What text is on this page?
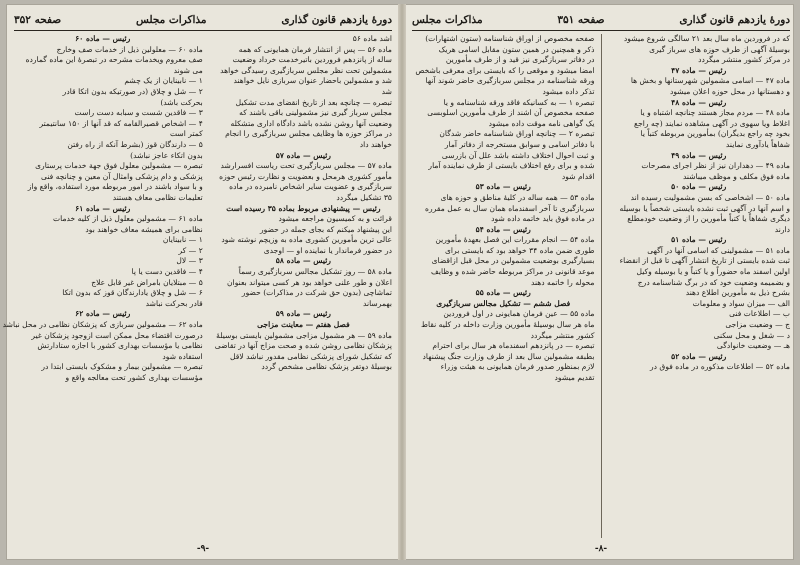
دورهٔ یازدهم قانون گذاری
مذاکرات مجلس
صفحه ۳۵۲
اشد ماده ۵۶
ماده ۵۶ — پس از انتشار فرمان همایونی که همه
ساله از پانزدهم فروردین باتیرخدمت خرداد وضعیت
مشمولین تحت نظر مجلس سربازگیری رسیدگی خواهد
شد و مشمولین باحضار عنوان سربازی نایل خواهند
شد
تبصره — چنانچه بعد از تاریخ انقضای مدت تشکیل
مجلس سرباز گیری نیز مشمولینی باقی باشند که
وضعیت آنها روشن نشده باشد دادگاه اداری متشکله
در مراکز حوزه ها وظایف مجلس سربازگیری را انجام
خواهند داد
رئیس — ماده ۵۷
ماده ۵۷ — مجلس سربازگیری تحت ریاست افسرارشد
مأمور کشوری هرمحل و بعضویت و نظارت رئیس حوزه
سربازگیری و عضویت سایر اشخاص نامبرده در ماده
۳۵ تشکیل میگردد
رئیس — پیشنهادی مربوط بماده ۳۵ رسیده است
قرائت و به کمیسیون مراجعه میشود
این پیشنهاد میکنم که بجای جمله در حضور
عالی ترین مأمورین کشوری ماده به وزیچم نوشته شود
در حضور فرماندار یا نماینده او — اوجدی
رئیس — ماده ۵۸
ماده ۵۸ — روز تشکیل مجالس سربازگیری رسماً
اعلان و طور علنی خواهد بود هر کسی میتواند بعنوان
تماشاچی (بدون حق شرکت در مذاکرات) حضور
بهمرساند
رئیس — ماده ۵۹
فصل هفتم — معاینت مزاجی
ماده ۵۹ — هر مشمول مزاجی مشمولین بایستی بوسیلهٔ
پزشکان نظامی روشن شده و صحت مزاج آنها در تقاضی
که تشکیل شورای پزشکی نظامی مقدور نباشد لاقل
بوسیلهٔ دوتفر پزشک نظامی مشخص گردد
رئیس — ماده ۶۰
ماده ۶۰ — معلولین ذیل از خدمات صف وخارج
صف معروم ویخدمات مشرحه در تبصرهٔ این ماده گمارده
می شوند
۱ — نابینایان از یک چشم
۲ — شل و چلاق (در صورتیکه بدون اتکا قادر
بحرکت باشد)
۳ — فاقدین شست و سبابه دست راست
۴ — اشخاص قصیرالقامه که قد آنها از ۱۵۰ سانتیمتر
کمتر است
۵ — دارندگان قوز (بشرط آنکه از راه رفتن
بدون اتکاء عاجز نباشد)
تبصره — مشمولین معلول فوق جهة خدمات پرستاری
پزشکی و دام پزشکی وامثال آن معین و چنانچه فنی
و با سواد باشند در امور مربوطه مورد استفاده، واقع واز
تعلیمات نظامی معاف هستند
رئیس — ماده ۶۱
ماده ۶۱ — مشمولین معلول ذیل از کلیه خدمات
نظامی برای همیشه معاف خواهند بود
۱ — نابینایان
۲ — کر
۳ — لال
۴ — فاقدین دست یا پا
۵ — مبتلایان بامراض غیر قابل علاج
۶ — شل و چلاق یادارندگان قوز که بدون اتکا
قادر بحرکت نباشد
رئیس — ماده ۶۲
ماده ۶۲ — مشمولین سربازی که پزشکان نظامی در محل نباشد
درصورت اقتضاء محل ممکن است ازوجود پزشکان غیر
نظامی یا مؤسسات بهداری کشور با اجازه ستادارتش
استفاده شود
تبصره — مشمولین بیمار و مشکوک بایستی ابتدا در
مؤسسات بهداری کشور تحت معالجه واقع و
-۹-
دورهٔ یازدهم قانون گذاری
صفحه ۳۵۱
مذاکرات مجلس
که در فروردین ماه سال بعد ۲۱ سالگی شروع میشود
بوسیلهٔ آگهی از طرف حوزه های سرباز گیری
در مرکز کشور منتشر میگردد
رئیس — ماده ۴۷
ماده ۴۷ — اسامی مشمولین شهرستانها و بخش ها
و دهستانها در محل حوزه اعلان میشود
رئیس — ماده ۴۸
ماده ۴۸ — مردم مجاز هستند چنانچه اشتباه و یا
اغلاط ویا سهوی در آگهی مشاهده نمایند (چه راجع
بخود چه راجع بدیگران) بمأمورین مربوطه کتباً یا
شفاهاً یادآوری نمایند
رئیس — ماده ۴۹
ماده ۴۹ — دهداران نیز از نظر اجرای مصرحات
ماده فوق مکلف و موظف میباشند
رئیس — ماده ۵۰
ماده ۵۰ — اشخاصی که بسن مشمولیت رسیده اند
و اسم آنها در آگهی ثبت نشده بایستی شخصاً یا بوسیله
دیگری شفاهاً یا کتباً مأمورین را از وضعیت خودمطلع
دارند
رئیس — ماده ۵۱
ماده ۵۱ — مشمولینی که اسامی آنها در آگهی
ثبت شده بایستی از تاریخ انتشار آگهی تا قبل از انقضاء
اولین اسفند ماه حضوراً و یا کتباً و یا بوسیله وکیل
و بضمیمه وضعیت خود که در برگ شناسنامه درج
بشرح ذیل به مأمورین اطلاع دهند
الف — میزان سواد و معلومات
ب — اطلاعات فنی
ج — وضعیت مزاجی
د — شغل و محل سکنی
هـ — وضعیت خانوادگی
رئیس — ماده ۵۲
ماده ۵۲ — اطلاعات مذکوره در ماده فوق در
صفحه مخصوص از اوراق شناسنامه (ستون اشتهارات)
ذکر و همچنین در همین ستون مقابل اسامی هریک
در دفاتر سربازگیری نیز قید و از طرف مأمورین
امضا میشود و موقعی را که بایستی برای معرفی باشخص
ورقه شناسنامه در مجلس سربازگیری حاضر شوند آنها
تذکر داده میشود
تبصره ۱ — به کسانیکه فاقد ورقه شناسنامه و یا
صفحه مخصوص آن اشند از طرف مأمورین اسلوبسی
یک گواهی نامه موقت داده میشود
تبصره ۲ — چنانچه اوراق شناسنامه حاضر شدگان
با دفاتر اسامی و سوابق مستخرجه از دفاتر آمار
و ثبت احوال اختلاف داشته باشد علل آن بازرسی
شده و برای رفع اختلاف بایستی از طرف نماینده آمار
اقدام شود
رئیس — ماده ۵۳
ماده ۵۳ — همه ساله در کلیهٔ مناطق و حوزه های
سربازگیری تا آخر اسفندماه همان سال به عمل مقرره
در ماده فوق باید خاتمه داده شود
رئیس — ماده ۵۴
ماده ۵۴ — انجام مقررات این فصل بعهدهٔ مأمورین
طوری ضمن ماده ۳۴ خواهد بود که بایستی برای
بسیارگیری بوضعیت مشمولین در محل قبل ازاقضای
موعد قانونی در مراکز مربوطه حاضر شده و وظایف
محوله را خاتمه دهند
رئیس — ماده ۵۵
فصل ششم — تشکیل مجالس سربازگیری
ماده ۵۵ — عین فرمان همایونی در اول فروردین
ماه هر سال بوسیلهٔ مأمورین وزارت داخله در کلیه نقاط
کشور منتشر میگردد
تبصره — در پانزدهم اسفندماه هر سال برای احترام
بطبقه مشمولین سال بعد از طرف وزارت جنگ پیشنهاد
لازم بمنظور صدور فرمان همایونی به هیئت وزراء
تقدیم میشود
-۸-
